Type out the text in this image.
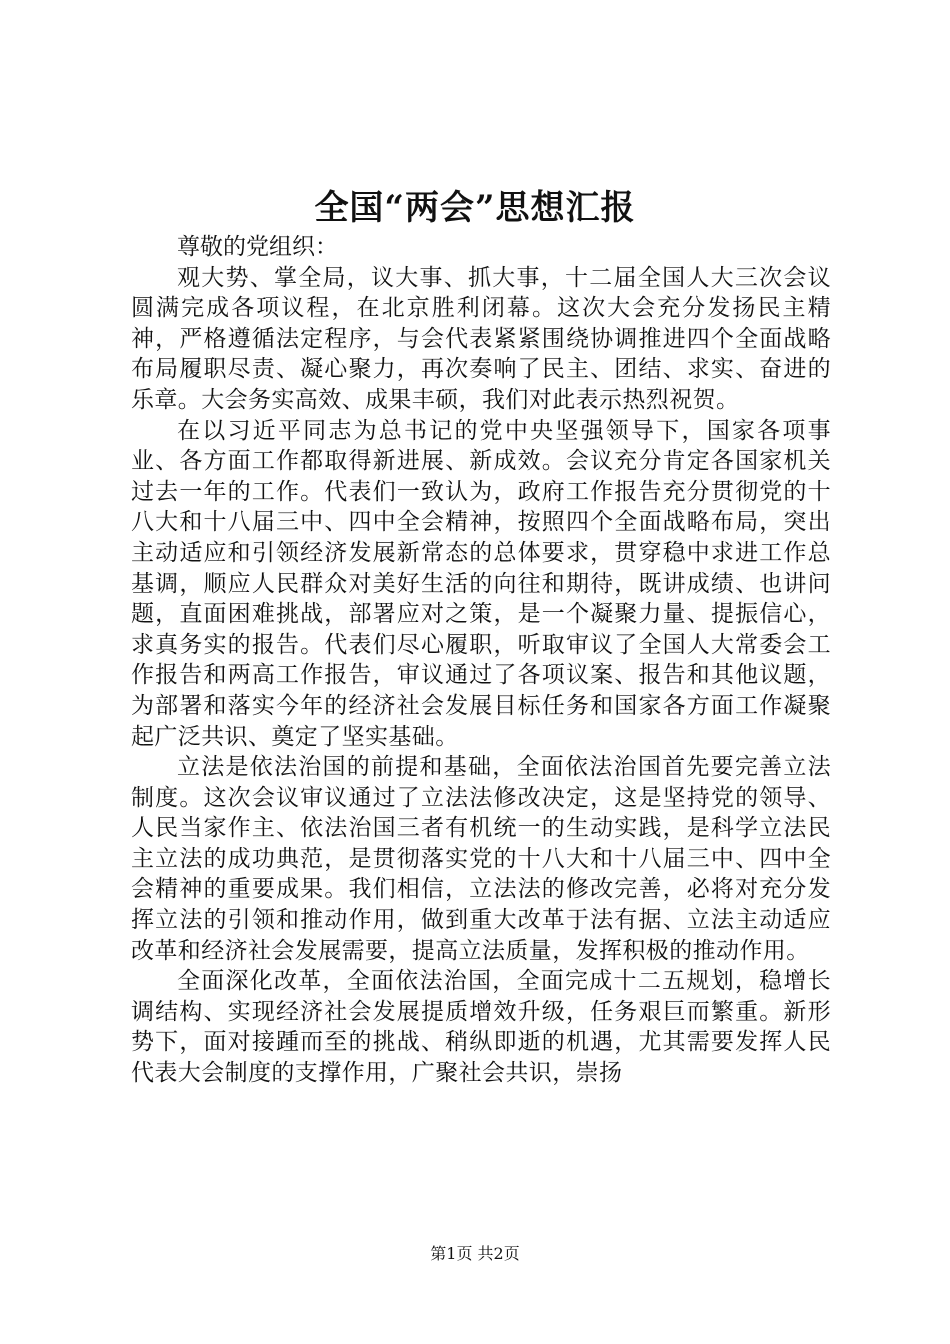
全国“两会”思想汇报

尊敬的党组织：

观大势、掌全局，议大事、抓大事，十二届全国人大三次会议圆满完成各项议程，在北京胜利闭幕。这次大会充分发扬民主精神，严格遵循法定程序，与会代表紧紧围绕协调推进四个全面战略布局履职尽责、凝心聚力，再次奏响了民主、团结、求实、奋进的乐章。大会务实高效、成果丰硕，我们对此表示热烈祝贺。

在以习近平同志为总书记的党中央坚强领导下，国家各项事业、各方面工作都取得新进展、新成效。会议充分肯定各国家机关过去一年的工作。代表们一致认为，政府工作报告充分贯彻党的十八大和十八届三中、四中全会精神，按照四个全面战略布局，突出主动适应和引领经济发展新常态的总体要求，贯穿稳中求进工作总基调，顺应人民群众对美好生活的向往和期待，既讲成绩、也讲问题，直面困难挑战，部署应对之策，是一个凝聚力量、提振信心，求真务实的报告。代表们尽心履职，听取审议了全国人大常委会工作报告和两高工作报告，审议通过了各项议案、报告和其他议题，为部署和落实今年的经济社会发展目标任务和国家各方面工作凝聚起广泛共识、奠定了坚实基础。

立法是依法治国的前提和基础，全面依法治国首先要完善立法制度。这次会议审议通过了立法法修改决定，这是坚持党的领导、人民当家作主、依法治国三者有机统一的生动实践，是科学立法民主立法的成功典范，是贯彻落实党的十八大和十八届三中、四中全会精神的重要成果。我们相信，立法法的修改完善，必将对充分发挥立法的引领和推动作用，做到重大改革于法有据、立法主动适应改革和经济社会发展需要，提高立法质量，发挥积极的推动作用。

全面深化改革，全面依法治国，全面完成十二五规划，稳增长调结构、实现经济社会发展提质增效升级，任务艰巨而繁重。新形势下，面对接踵而至的挑战、稍纵即逝的机遇，尤其需要发挥人民代表大会制度的支撑作用，广聚社会共识，崇扬

第1页 共2页
